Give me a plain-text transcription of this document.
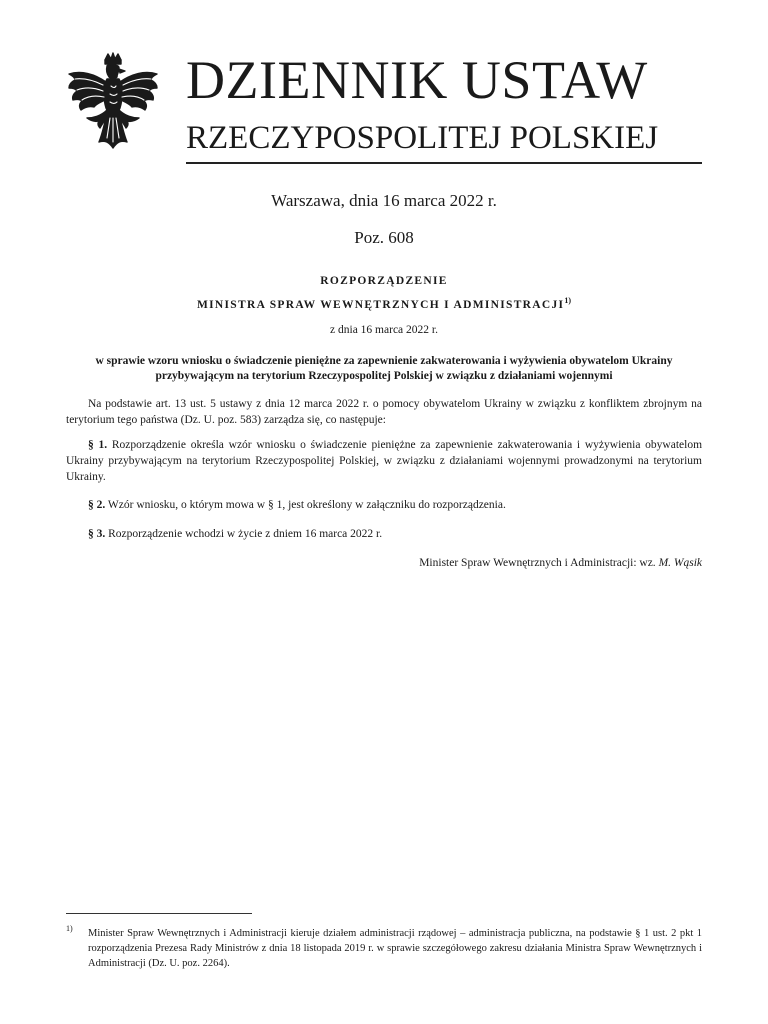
DZIENNIK USTAW
RZECZYPOSPOLITEJ POLSKIEJ
Warszawa, dnia 16 marca 2022 r.
Poz. 608
ROZPORZĄDZENIE
MINISTRA SPRAW WEWNĘTRZNYCH I ADMINISTRACJI$^{1)}$
z dnia 16 marca 2022 r.
w sprawie wzoru wniosku o świadczenie pieniężne za zapewnienie zakwaterowania i wyżywienia obywatelom Ukrainy przybywającym na terytorium Rzeczypospolitej Polskiej w związku z działaniami wojennymi
Na podstawie art. 13 ust. 5 ustawy z dnia 12 marca 2022 r. o pomocy obywatelom Ukrainy w związku z konfliktem zbrojnym na terytorium tego państwa (Dz. U. poz. 583) zarządza się, co następuje:
§ 1. Rozporządzenie określa wzór wniosku o świadczenie pieniężne za zapewnienie zakwaterowania i wyżywienia obywatelom Ukrainy przybywającym na terytorium Rzeczypospolitej Polskiej, w związku z działaniami wojennymi prowadzonymi na terytorium Ukrainy.
§ 2. Wzór wniosku, o którym mowa w § 1, jest określony w załączniku do rozporządzenia.
§ 3. Rozporządzenie wchodzi w życie z dniem 16 marca 2022 r.
Minister Spraw Wewnętrznych i Administracji: wz. M. Wąsik
1) Minister Spraw Wewnętrznych i Administracji kieruje działem administracji rządowej – administracja publiczna, na podstawie § 1 ust. 2 pkt 1 rozporządzenia Prezesa Rady Ministrów z dnia 18 listopada 2019 r. w sprawie szczegółowego zakresu działania Ministra Spraw Wewnętrznych i Administracji (Dz. U. poz. 2264).
